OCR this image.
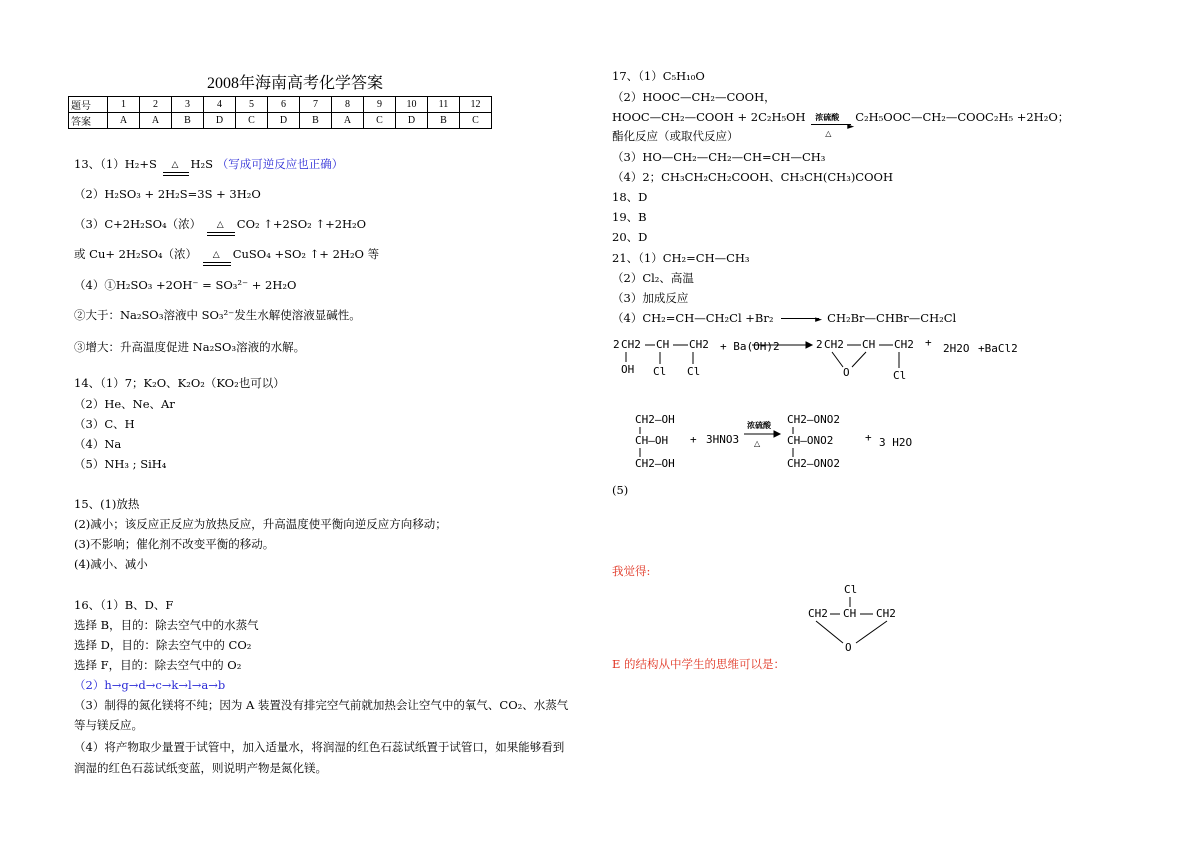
2008年海南高考化学答案
题号	1	2	3	4	5	6	7	8	9	10	11	12
答案	A	A	B	D	C	D	B	A	C	D	B	C
13、（1）H₂+S △ H₂S （写成可逆反应也正确）
（2）H₂SO₃ + 2H₂S=3S + 3H₂O
（3）C+2H₂SO₄（浓） △ CO₂ ↑+2SO₂ ↑+2H₂O
或 Cu+ 2H₂SO₄（浓） △ CuSO₄ +SO₂ ↑+ 2H₂O 等
（4）①H₂SO₃ +2OH⁻ = SO₃²⁻ + 2H₂O
②大于：Na₂SO₃溶液中 SO₃²⁻发生水解使溶液显碱性。
③增大：升高温度促进 Na₂SO₃溶液的水解。
14、（1）7；K₂O、K₂O₂（KO₂也可以）
（2）He、Ne、Ar
（3）C、H
（4）Na
（5）NH₃ ; SiH₄
15、(1)放热
(2)减小；该反应正反应为放热反应，升高温度使平衡向逆反应方向移动；
(3)不影响；催化剂不改变平衡的移动。
(4)减小、减小
16、（1）B、D、F
选择 B，目的：除去空气中的水蒸气
选择 D，目的：除去空气中的 CO₂
选择 F，目的：除去空气中的 O₂
（2）h→g→d→c→k→l→a→b
（3）制得的氮化镁将不纯；因为 A 装置没有排完空气前就加热会让空气中的氧气、CO₂、水蒸气
等与镁反应。
（4）将产物取少量置于试管中，加入适量水，将润湿的红色石蕊试纸置于试管口，如果能够看到
润湿的红色石蕊试纸变蓝，则说明产物是氮化镁。
17、（1）C₅H₁₀O
（2）HOOC—CH₂—COOH，
HOOC—CH₂—COOH + 2C₂H₅OH 浓硫酸
△
►
C₂H₅OOC—CH₂—COOC₂H₅ +2H₂O；
酯化反应（或取代反应）
（3）HO—CH₂—CH₂—CH=CH—CH₃
（4）2；CH₃CH₂CH₂COOH、CH₃CH(CH₃)COOH
18、D
19、B
20、D
21、（1）CH₂=CH—CH₃
（2）Cl₂、高温
（3）加成反应
（4）CH₂=CH—CH₂Cl +Br₂	► CH₂Br—CHBr—CH₂Cl
2 CH2 CH CH2
OH Cl Cl
+ Ba(OH)2	2 CH2 CH CH2
O	Cl
+ 2H2O +BaCl2
CH2—OH
CH—OH
CH2—OH
+ 3HNO3
浓硫酸
△
CH2—ONO2
CH—ONO2
CH2—ONO2
+ 3 H2O
(5)
我觉得:
Cl
CH2 CH CH2
O
E 的结构从中学生的思维可以是：
